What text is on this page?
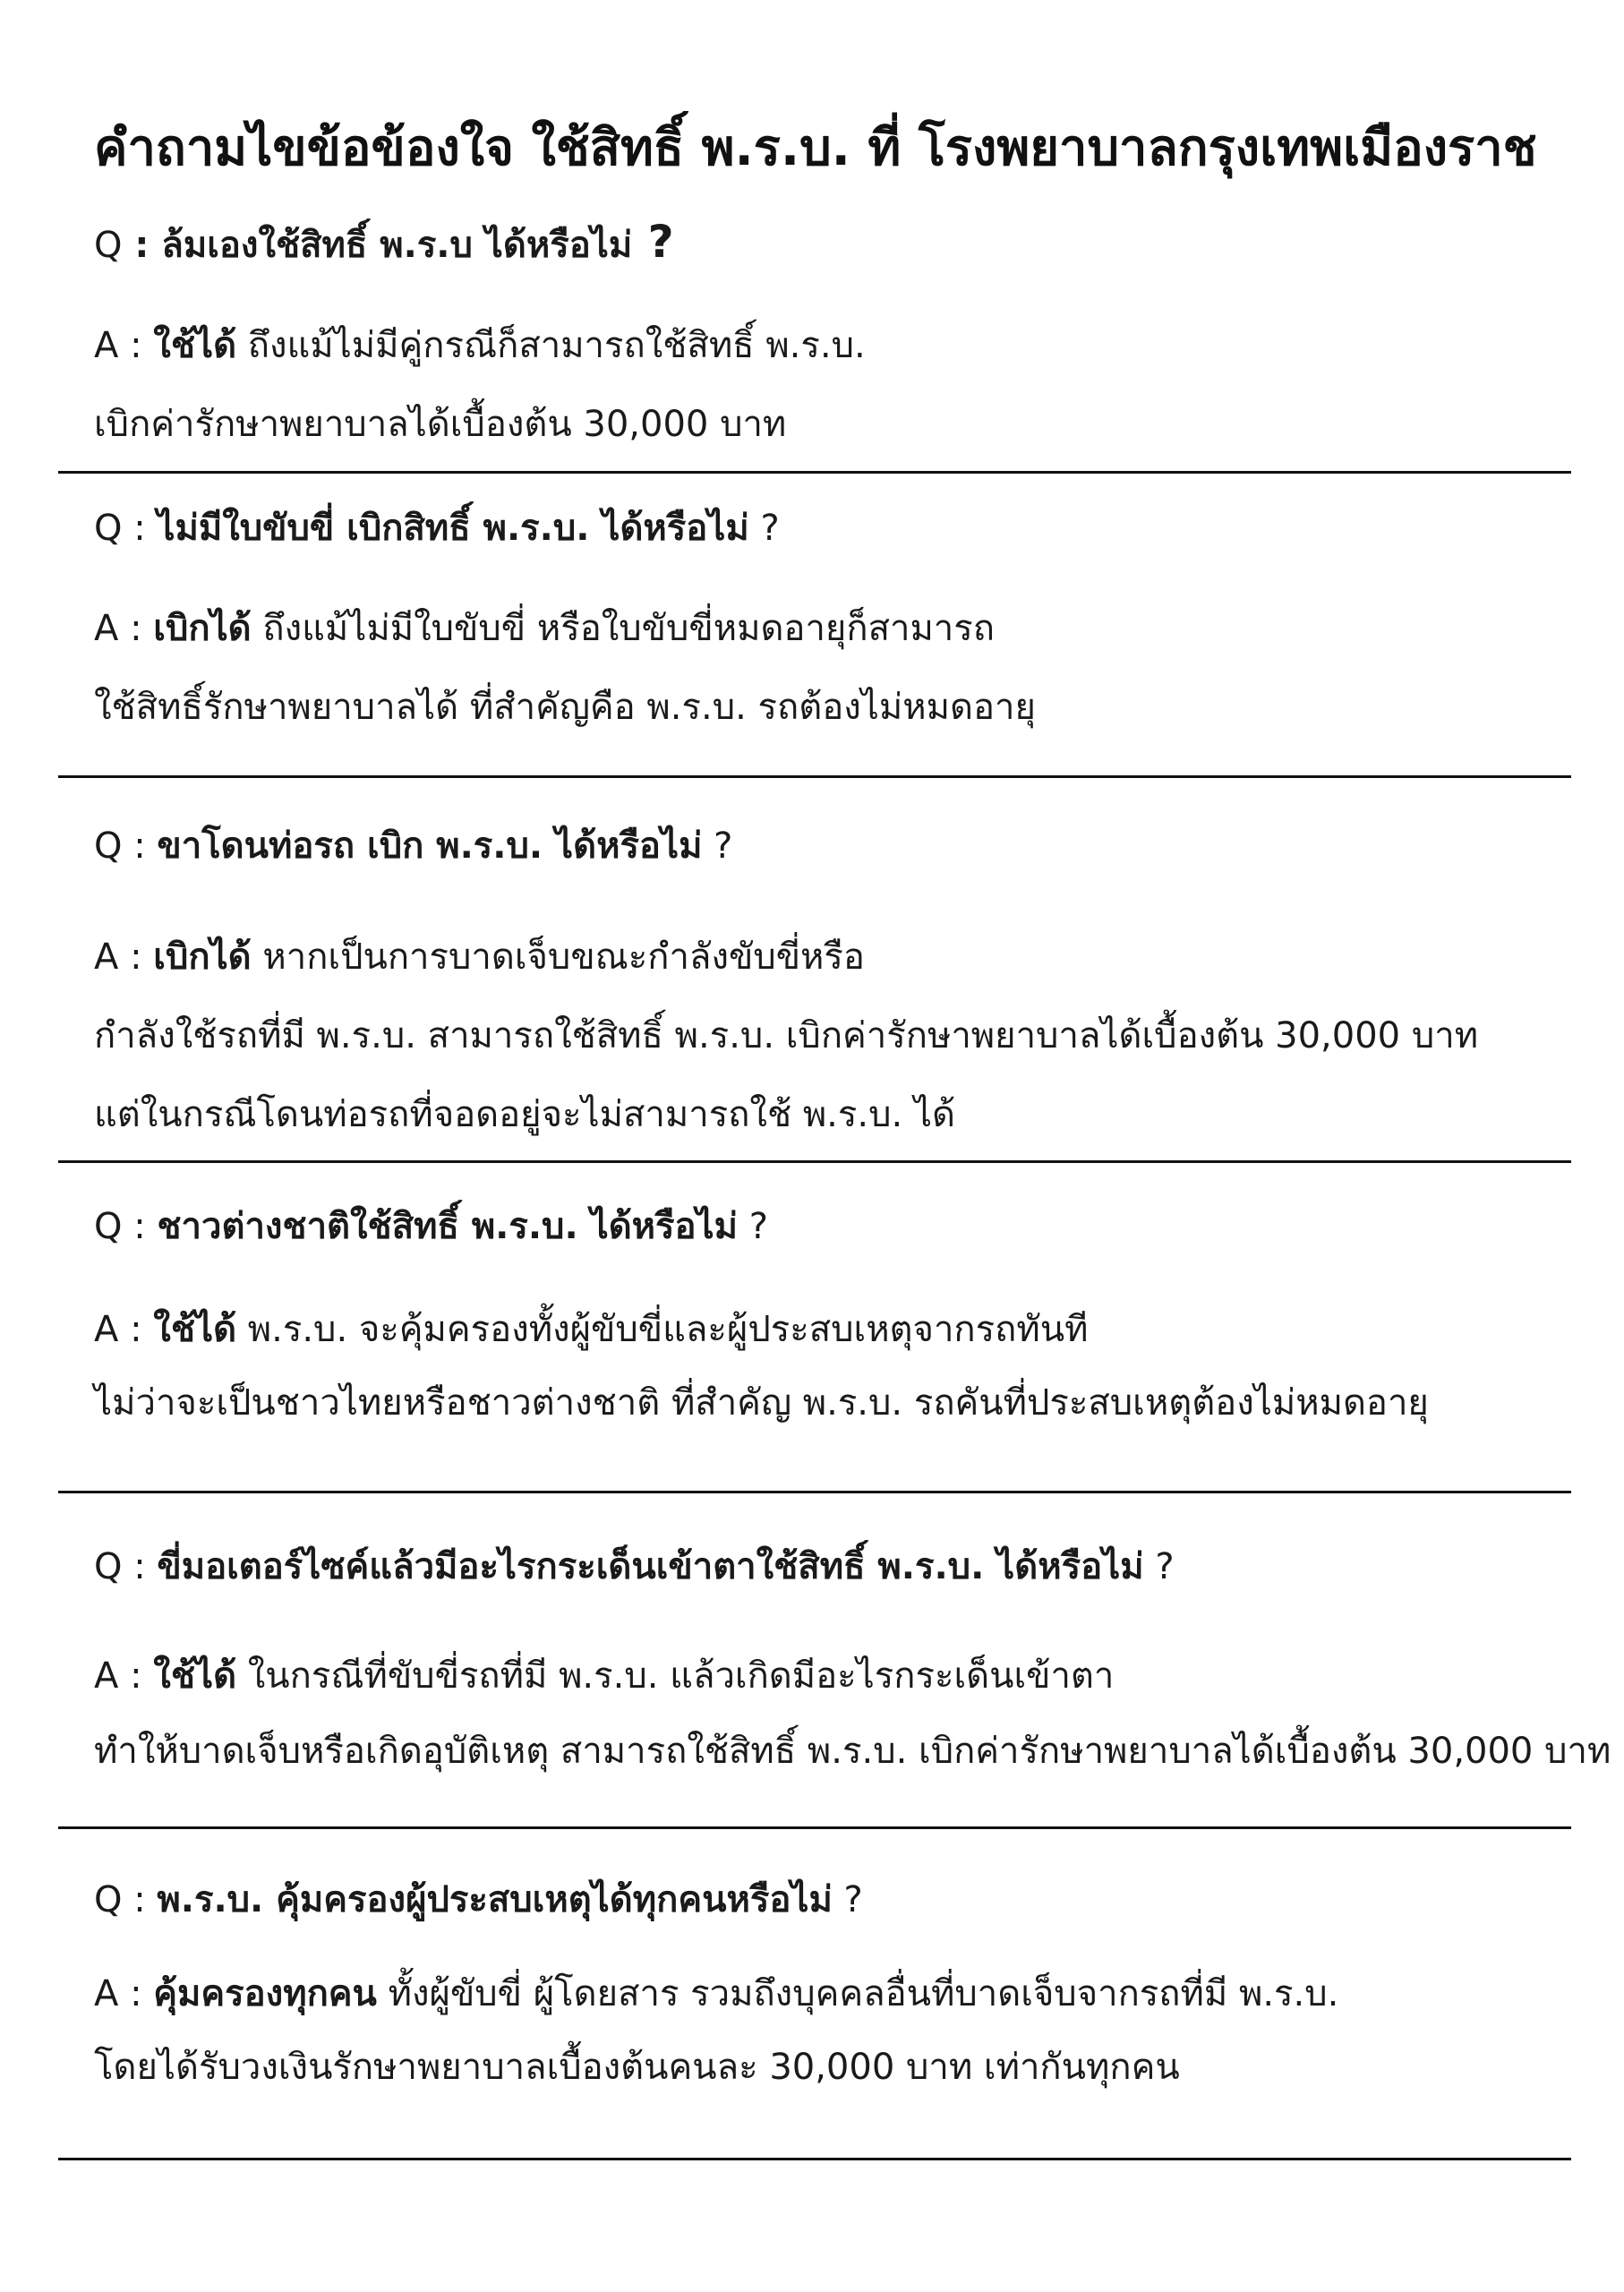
คำถามไขข้อข้องใจ ใช้สิทธิ์ พ.ร.บ. ที่ โรงพยาบาลกรุงเทพเมืองราช
Q : ล้มเองใช้สิทธิ์ พ.ร.บ ได้หรือไม่ ?
A : ใช้ได้ ถึงแม้ไม่มีคู่กรณีก็สามารถใช้สิทธิ์ พ.ร.บ.
เบิกค่ารักษาพยาบาลได้เบื้องต้น 30,000 บาท
Q : ไม่มีใบขับขี่ เบิกสิทธิ์ พ.ร.บ. ได้หรือไม่ ?
A : เบิกได้ ถึงแม้ไม่มีใบขับขี่ หรือใบขับขี่หมดอายุก็สามารถ
ใช้สิทธิ์รักษาพยาบาลได้ ที่สำคัญคือ พ.ร.บ. รถต้องไม่หมดอายุ
Q : ขาโดนท่อรถ เบิก พ.ร.บ. ได้หรือไม่ ?
A : เบิกได้ หากเป็นการบาดเจ็บขณะกำลังขับขี่หรือ
กำลังใช้รถที่มี พ.ร.บ. สามารถใช้สิทธิ์ พ.ร.บ. เบิกค่ารักษาพยาบาลได้เบื้องต้น 30,000 บาท
แต่ในกรณีโดนท่อรถที่จอดอยู่จะไม่สามารถใช้ พ.ร.บ. ได้
Q : ชาวต่างชาติใช้สิทธิ์ พ.ร.บ. ได้หรือไม่ ?
A : ใช้ได้ พ.ร.บ. จะคุ้มครองทั้งผู้ขับขี่และผู้ประสบเหตุจากรถทันที
ไม่ว่าจะเป็นชาวไทยหรือชาวต่างชาติ ที่สำคัญ พ.ร.บ. รถคันที่ประสบเหตุต้องไม่หมดอายุ
Q : ขี่มอเตอร์ไซค์แล้วมีอะไรกระเด็นเข้าตาใช้สิทธิ์ พ.ร.บ. ได้หรือไม่ ?
A : ใช้ได้ ในกรณีที่ขับขี่รถที่มี พ.ร.บ. แล้วเกิดมีอะไรกระเด็นเข้าตา
ทำให้บาดเจ็บหรือเกิดอุบัติเหตุ สามารถใช้สิทธิ์ พ.ร.บ. เบิกค่ารักษาพยาบาลได้เบื้องต้น 30,000 บาท
Q : พ.ร.บ. คุ้มครองผู้ประสบเหตุได้ทุกคนหรือไม่ ?
A : คุ้มครองทุกคน ทั้งผู้ขับขี่ ผู้โดยสาร รวมถึงบุคคลอื่นที่บาดเจ็บจากรถที่มี พ.ร.บ.
โดยได้รับวงเงินรักษาพยาบาลเบื้องต้นคนละ 30,000 บาท เท่ากันทุกคน
